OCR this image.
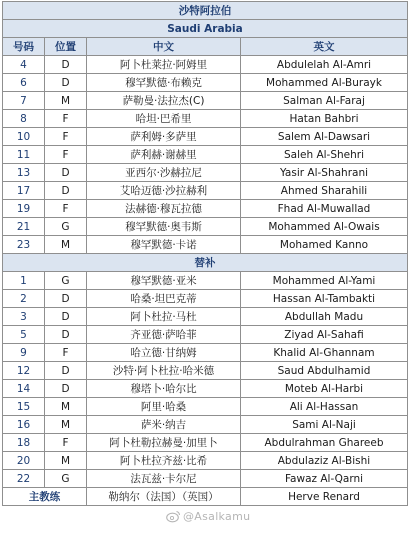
沙特阿拉伯			
Saudi Arabia			
号码	位置	中文	英文
4	D	阿卜杜莱拉·阿姆里	Abdulelah Al-Amri
6	D	穆罕默德·布赖克	Mohammed Al-Burayk
7	M	萨勒曼·法拉杰(C)	Salman Al-Faraj
8	F	哈坦·巴希里	Hatan Bahbri
10	F	萨利姆·多萨里	Salem Al-Dawsari
11	F	萨利赫·谢赫里	Saleh Al-Shehri
13	D	亚西尔·沙赫拉尼	Yasir Al-Shahrani
17	D	艾哈迈德·沙拉赫利	Ahmed Sharahili
19	F	法赫德·穆瓦拉德	Fhad Al-Muwallad
21	G	穆罕默德·奥韦斯	Mohammed Al-Owais
23	M	穆罕默德·卡诺	Mohamed Kanno
替补			
1	G	穆罕默德·亚米	Mohammed Al-Yami
2	D	哈桑·坦巴克蒂	Hassan Al-Tambakti
3	D	阿卜杜拉·马杜	Abdullah Madu
5	D	齐亚德·萨哈菲	Ziyad Al-Sahafi
9	F	哈立德·甘纳姆	Khalid Al-Ghannam
12	D	沙特·阿卜杜拉·哈米德	Saud Abdulhamid
14	D	穆塔卜·哈尔比	Moteb Al-Harbi
15	M	阿里·哈桑	Ali Al-Hassan
16	M	萨米·纳吉	Sami Al-Naji
18	F	阿卜杜勒拉赫曼·加里卜	Abdulrahman Ghareeb
20	M	阿卜杜拉齐兹·比希	Abdulaziz Al-Bishi
22	G	法瓦兹·卡尔尼	Fawaz Al-Qarni
主教练		勒纳尔（法国）（英国）	Herve Renard
@Asalkamu
